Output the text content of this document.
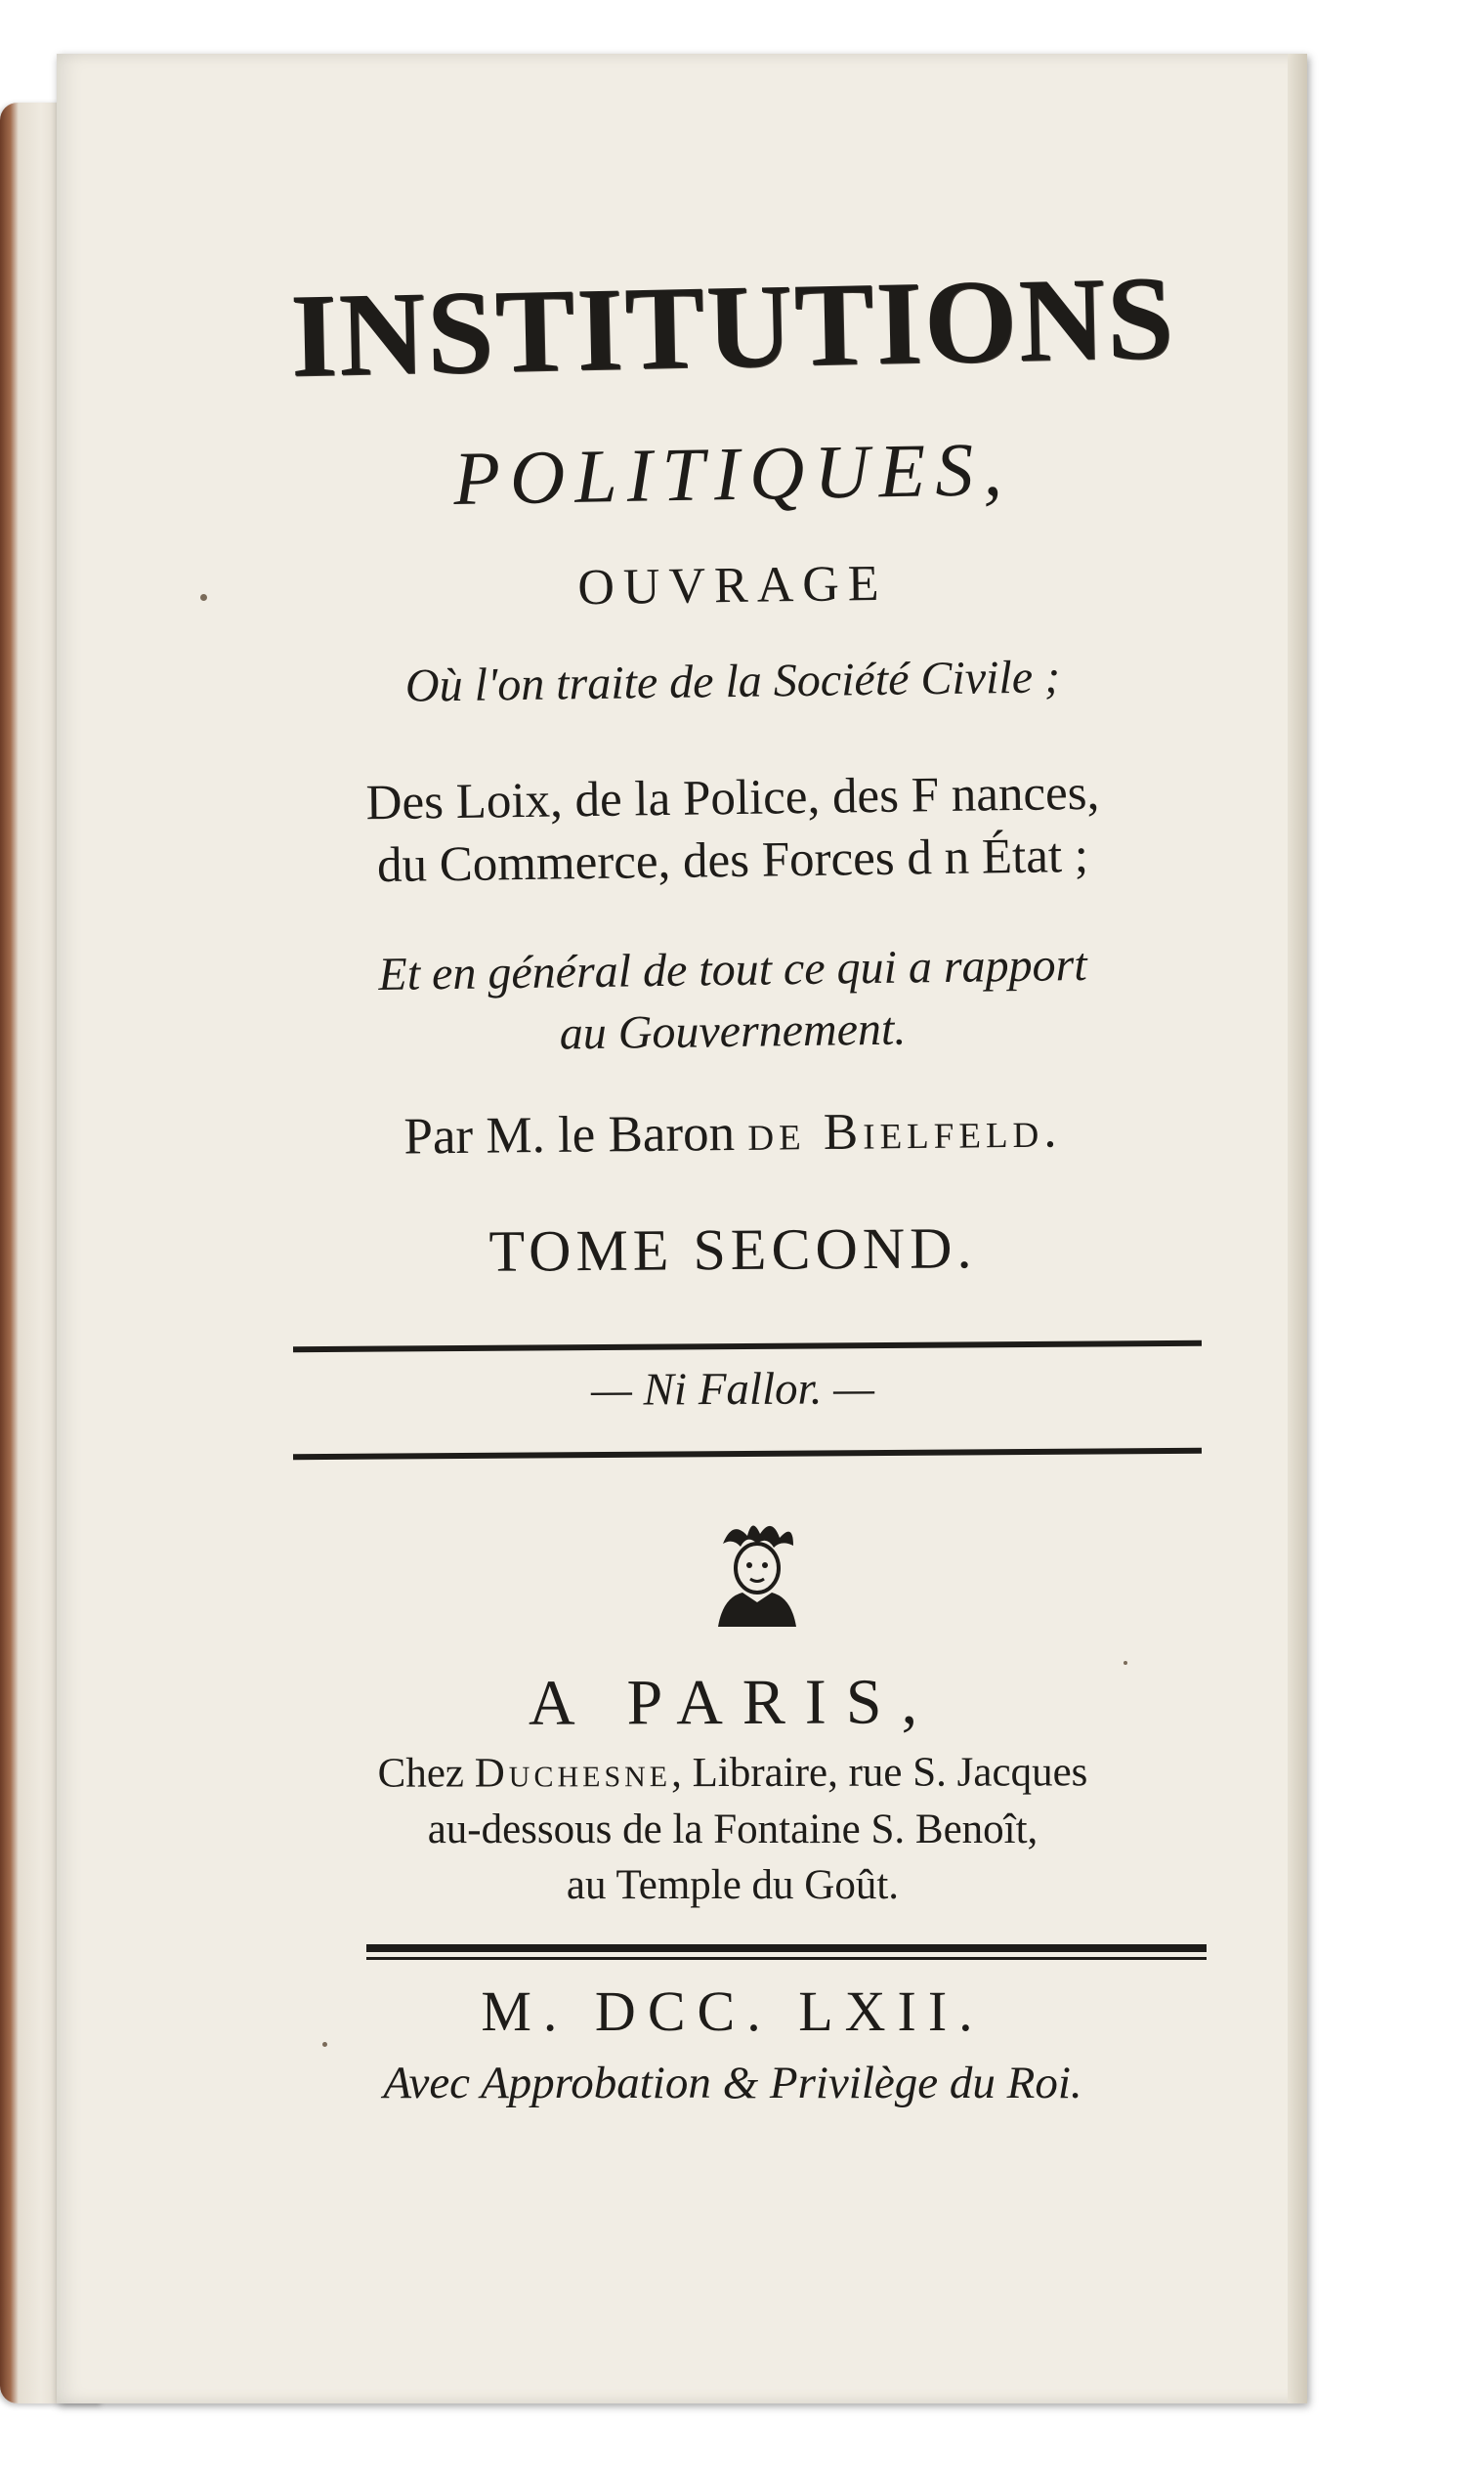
INSTITUTIONS
POLITIQUES,
OUVRAGE
Où l'on traite de la Société Civile ;
Des Loix, de la Police, des F nances,
du Commerce, des Forces d n État ;
Et en général de tout ce qui a rapport
au Gouvernement.
Par M. le Baron de Bielfeld.
TOME SECOND.
— Ni Fallor. —
A PARIS,
Chez Duchesne, Libraire, rue S. Jacques
au-dessous de la Fontaine S. Benoît,
au Temple du Goût.
M. DCC. LXII.
Avec Approbation & Privilège du Roi.
